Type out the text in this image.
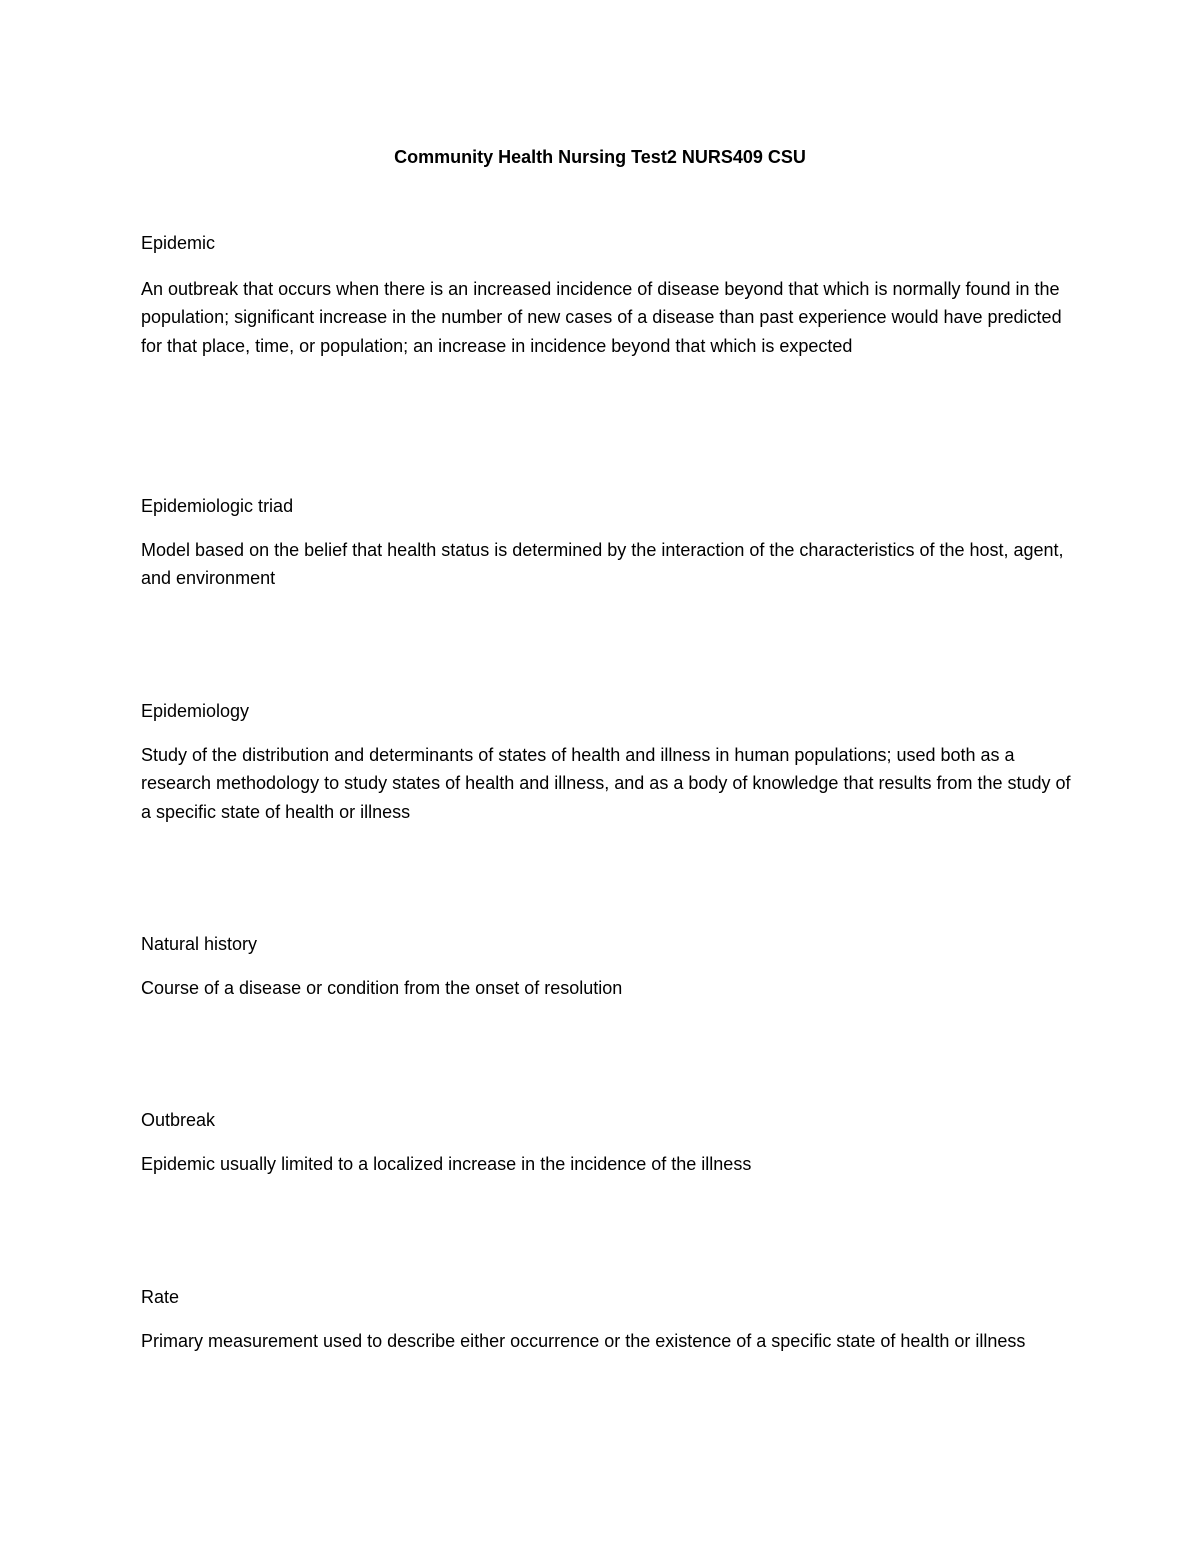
Community Health Nursing Test2 NURS409 CSU
Epidemic
An outbreak that occurs when there is an increased incidence of disease beyond that which is normally found in the population; significant increase in the number of new cases of a disease than past experience would have predicted for that place, time, or population; an increase in incidence beyond that which is expected
Epidemiologic triad
Model based on the belief that health status is determined by the interaction of the characteristics of the host, agent, and environment
Epidemiology
Study of the distribution and determinants of states of health and illness in human populations; used both as a research methodology to study states of health and illness, and as a body of knowledge that results from the study of a specific state of health or illness
Natural history
Course of a disease or condition from the onset of resolution
Outbreak
Epidemic usually limited to a localized increase in the incidence of the illness
Rate
Primary measurement used to describe either occurrence or the existence of a specific state of health or illness
